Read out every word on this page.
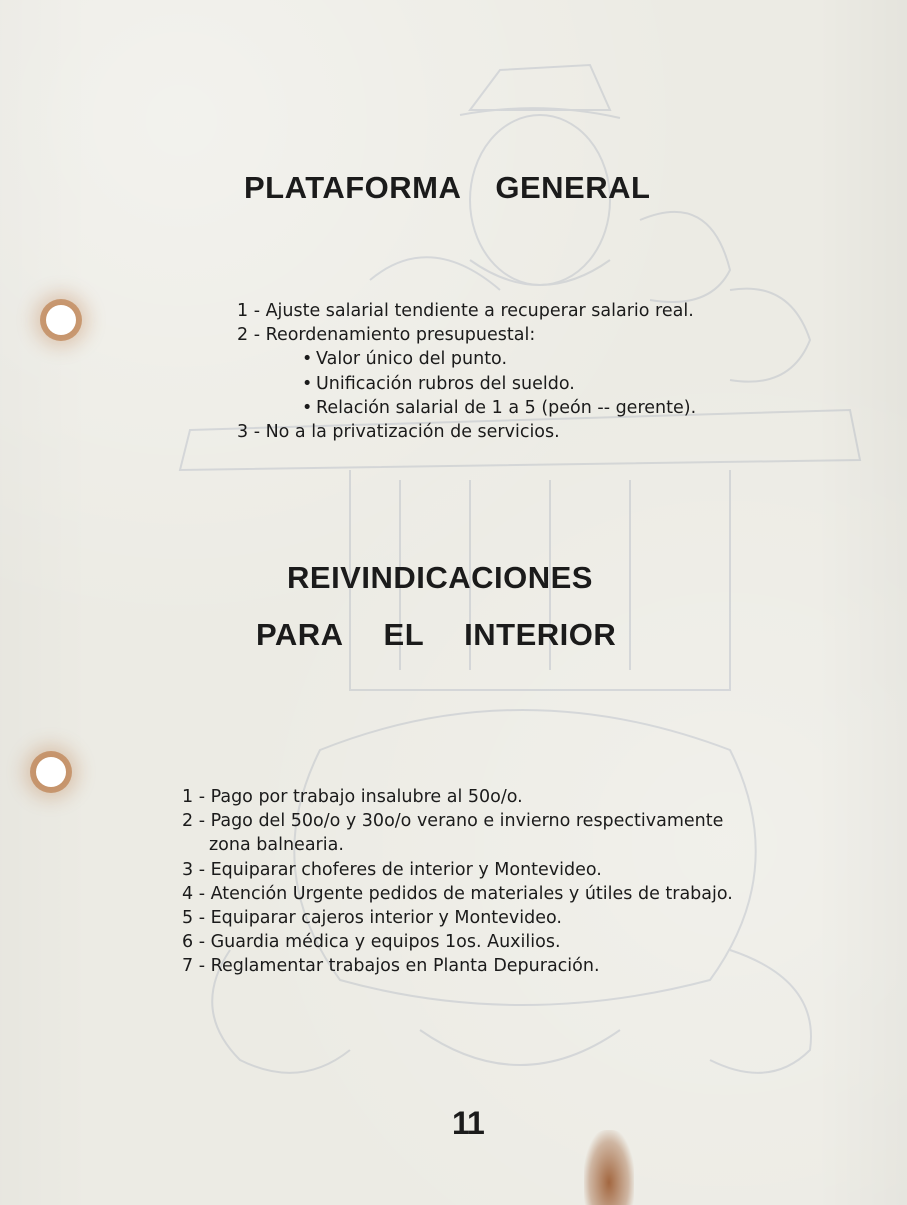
PLATAFORMA GENERAL
1 - Ajuste salarial tendiente a recuperar salario real.
2 - Reordenamiento presupuestal:
• Valor único del punto.
• Unificación rubros del sueldo.
• Relación salarial de 1 a 5 (peón -- gerente).
3 - No a la privatización de servicios.
REIVINDICACIONES
PARA EL INTERIOR
1 - Pago por trabajo insalubre al 50o/o.
2 - Pago del 50o/o y 30o/o verano e invierno respectivamente
zona balnearia.
3 - Equiparar choferes de interior y Montevideo.
4 - Atención Urgente pedidos de materiales y útiles de trabajo.
5 - Equiparar cajeros interior y Montevideo.
6 - Guardia médica y equipos 1os. Auxilios.
7 - Reglamentar trabajos en Planta Depuración.
11
